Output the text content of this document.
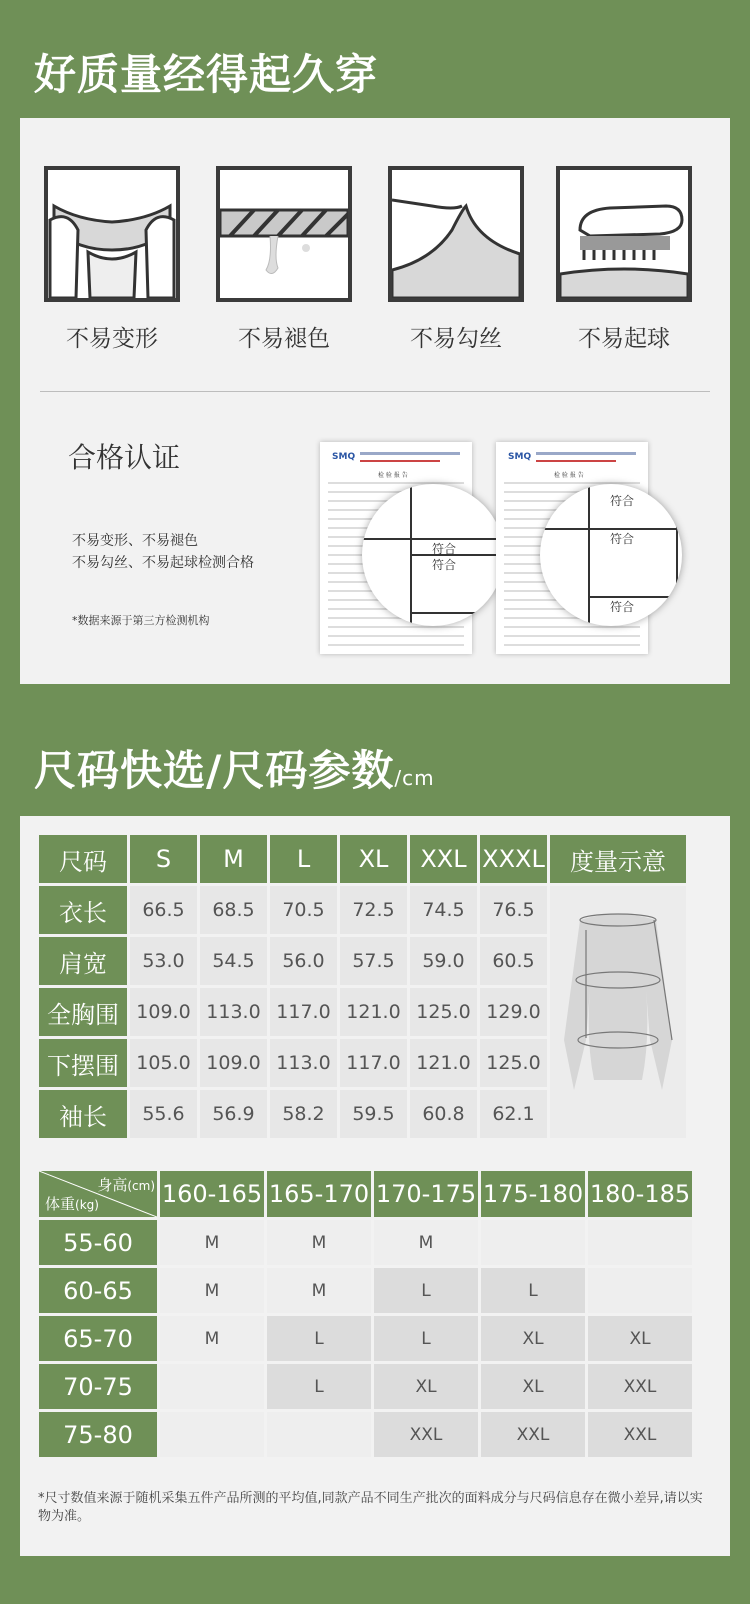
好质量经得起久穿
不易变形	不易褪色	不易勾丝	不易起球
合格认证
不易变形、不易褪色
不易勾丝、不易起球检测合格
*数据来源于第三方检测机构
SMQ
检 验 报 告
符合
符合
SMQ
检 验 报 告
符合
符合
符合
尺码快选/尺码参数/cm
尺码	S	M	L	XL	XXL	XXXL	度量示意
衣长	66.5	68.5	70.5	72.5	74.5	76.5	
肩宽	53.0	54.5	56.0	57.5	59.0	60.5	
全胸围	109.0	113.0	117.0	121.0	125.0	129.0	
下摆围	105.0	109.0	113.0	117.0	121.0	125.0	
袖长	55.6	56.9	58.2	59.5	60.8	62.1	
身高(cm)
体重(kg)	160-165	165-170	170-175	175-180	180-185
55-60	M	M	M		
60-65	M	M	L	L	
65-70	M	L	L	XL	XL
70-75		L	XL	XL	XXL
75-80			XXL	XXL	XXL
*尺寸数值来源于随机采集五件产品所测的平均值,同款产品不同生产批次的面料成分与尺码信息存在微小差异,请以实物为准。
